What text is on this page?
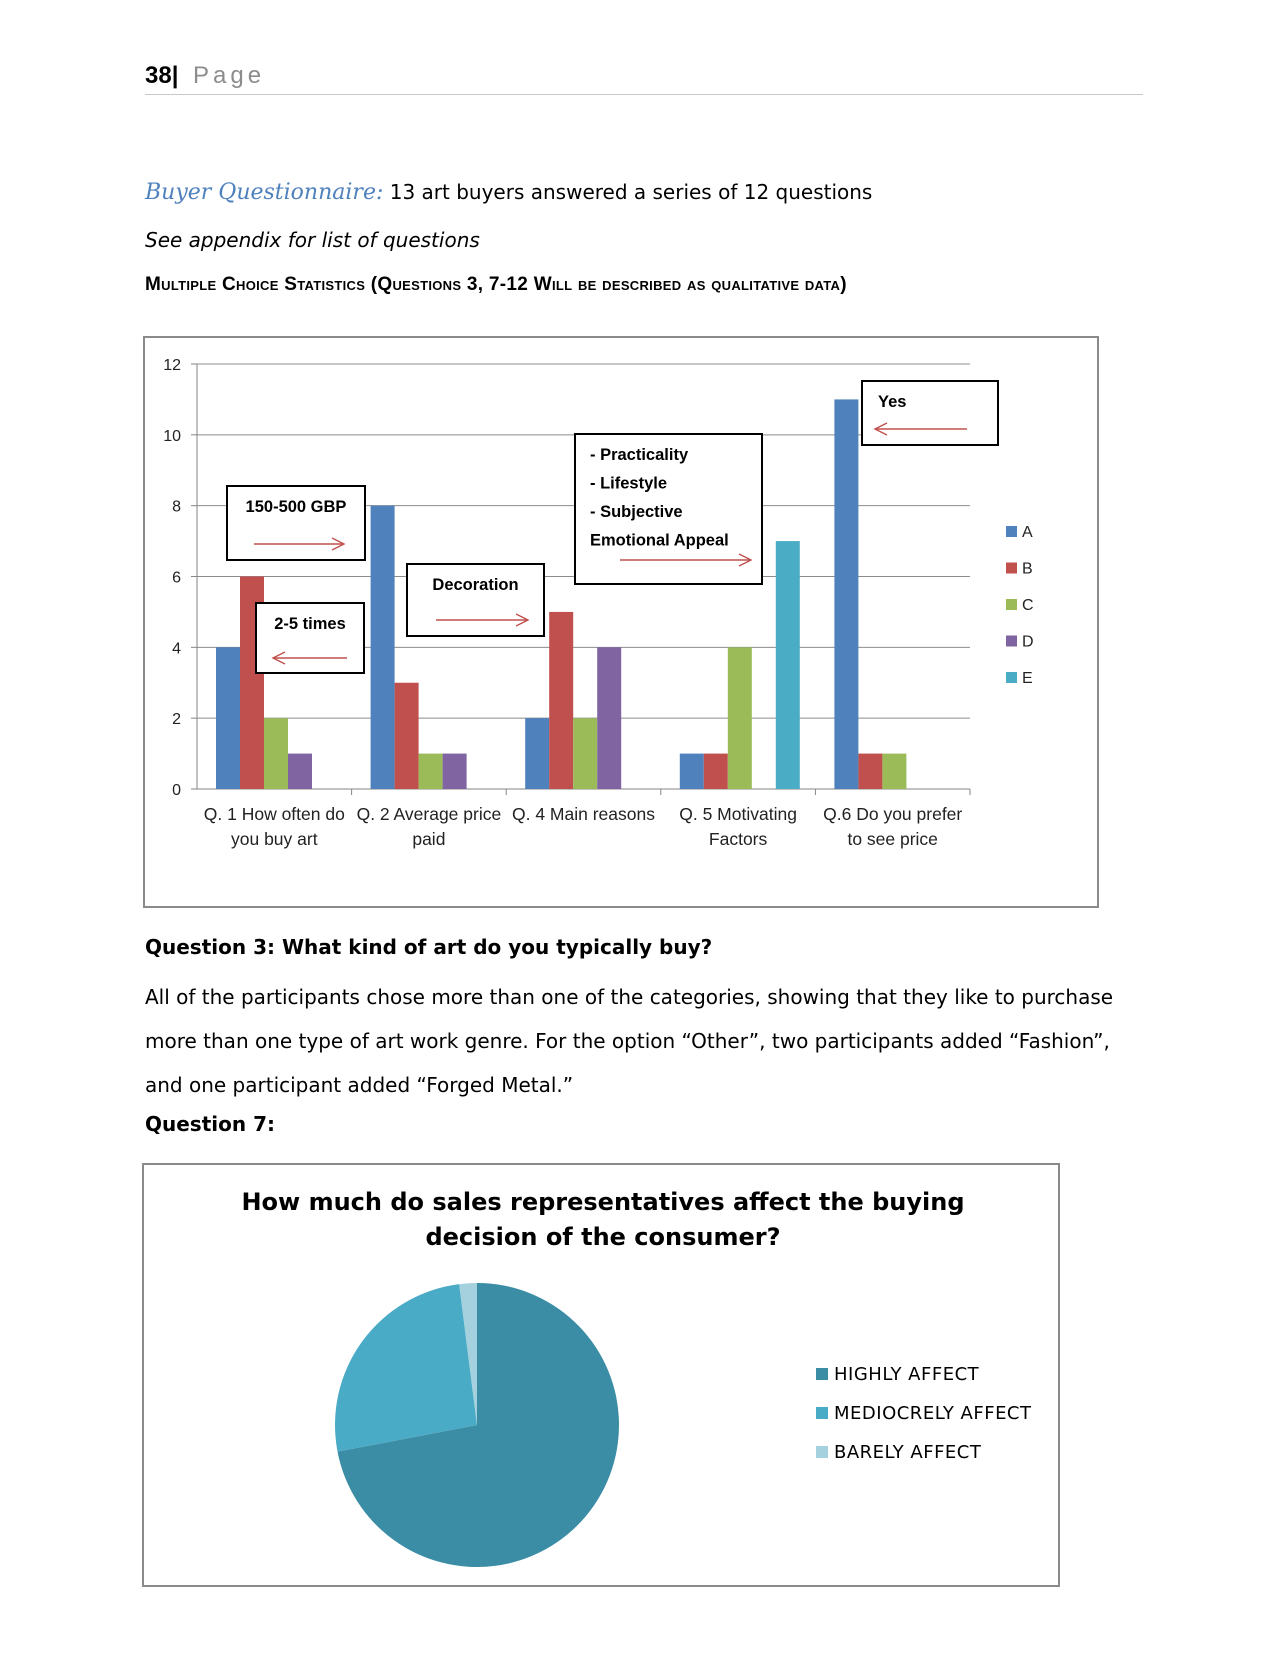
38| Page
Buyer Questionnaire: 13 art buyers answered a series of 12 questions
See appendix for list of questions
Multiple Choice Statistics (Questions 3, 7-12 Will be described as qualitative data)
0
2
4
6
8
10
12
Q. 1 How often do
you buy art
Q. 2 Average price
paid
Q. 4 Main reasons Q. 5 Motivating
Factors
Q.6 Do you prefer
to see price
A
B
C
D
E
150-500 GBP
2-5 times
Decoration
- Practicality
- Lifestyle
- Subjective
Emotional Appeal
Yes
Question 3: What kind of art do you typically buy?
All of the participants chose more than one of the categories, showing that they like to purchase more than one type of art work genre. For the option “Other”, two participants added “Fashion”, and one participant added “Forged Metal.”
Question 7:
How much do sales representatives affect the buying
decision of the consumer?
HIGHLY AFFECT
MEDIOCRELY AFFECT
BARELY AFFECT
